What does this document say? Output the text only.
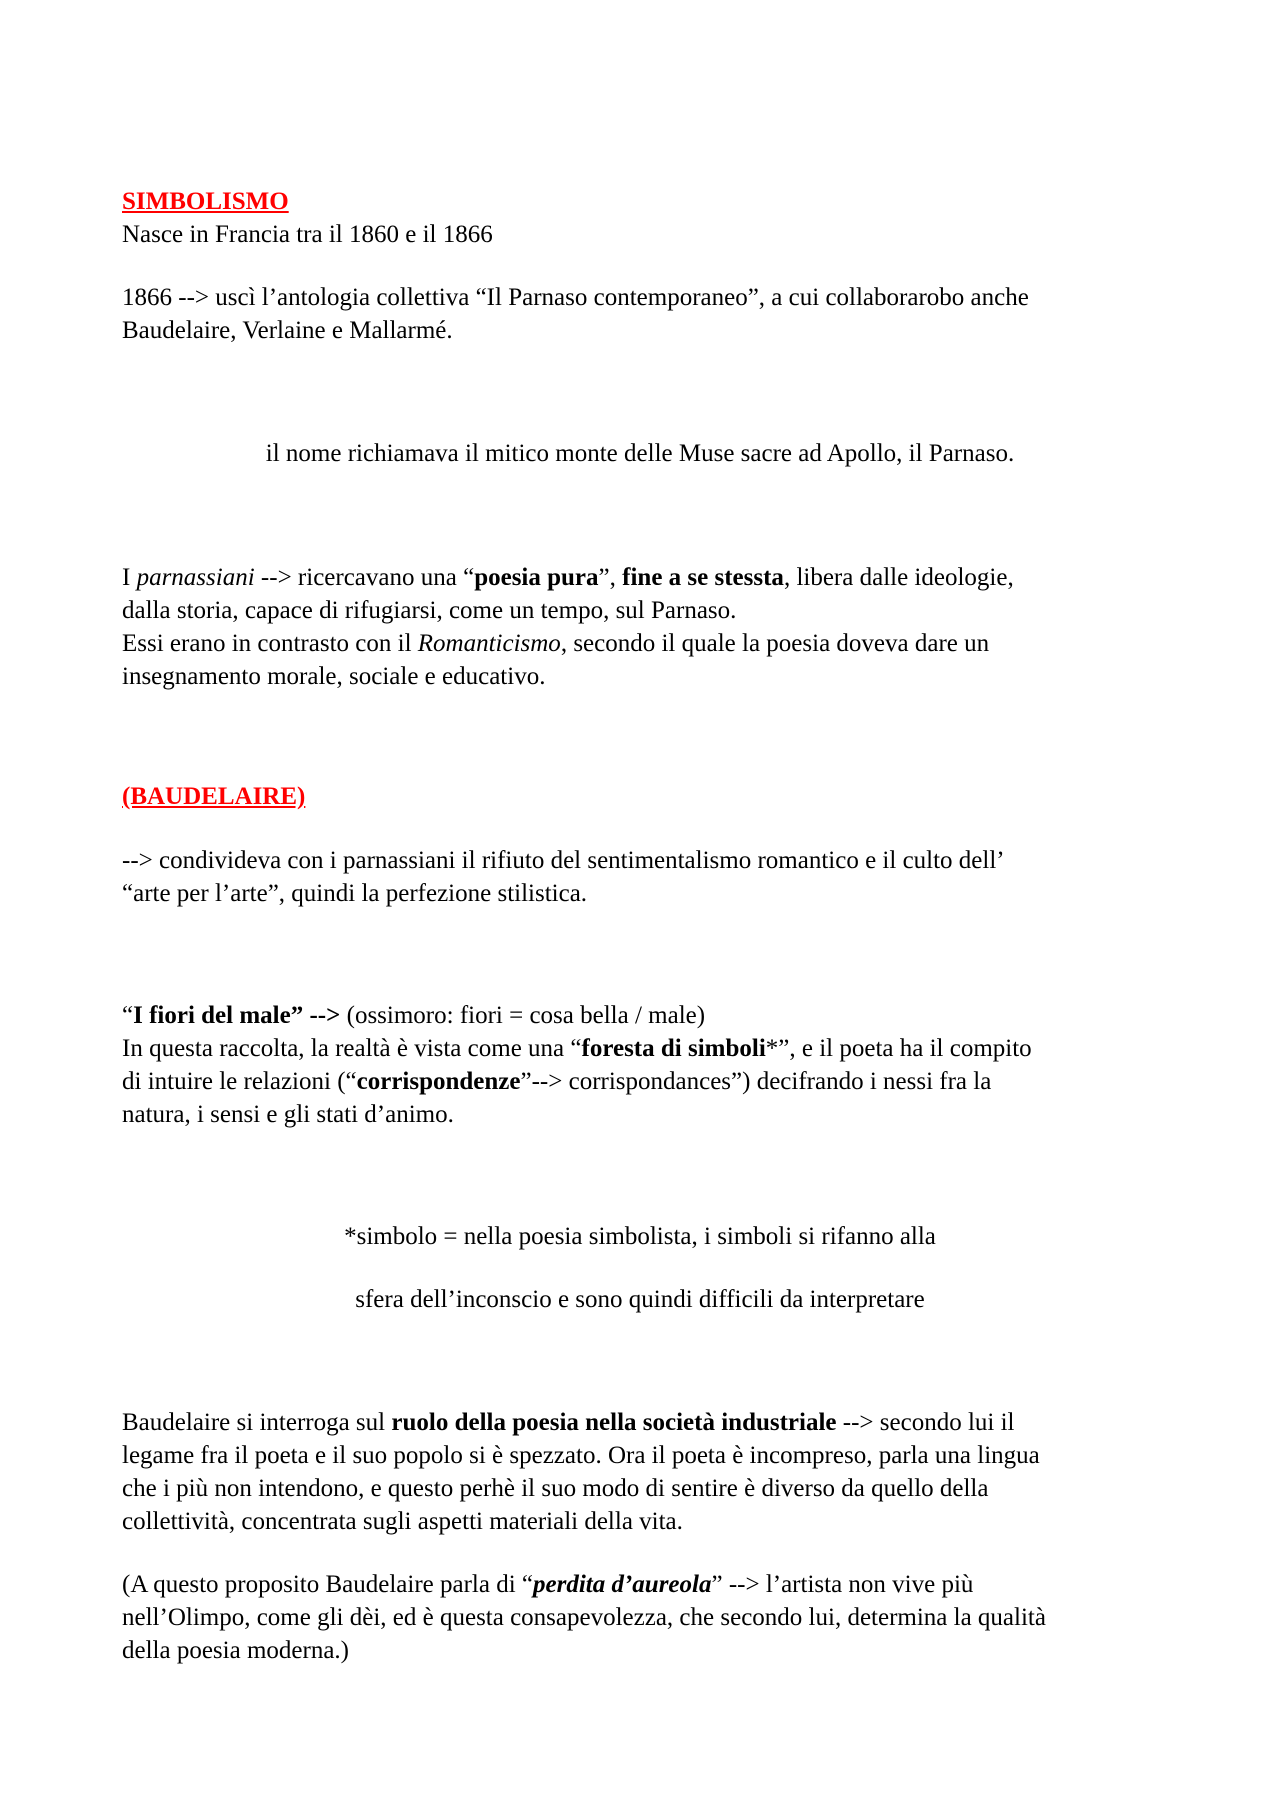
SIMBOLISMO
Nasce in Francia tra il 1860 e il 1866
1866 --> uscì l’antologia collettiva “Il Parnaso contemporaneo”, a cui collaborarobo anche
Baudelaire, Verlaine e Mallarmé.
il nome richiamava il mitico monte delle Muse sacre ad Apollo, il Parnaso.
I parnassiani --> ricercavano una “poesia pura”, fine a se stessta, libera dalle ideologie,
dalla storia, capace di rifugiarsi, come un tempo, sul Parnaso.
Essi erano in contrasto con il Romanticismo, secondo il quale la poesia doveva dare un
insegnamento morale, sociale e educativo.
(BAUDELAIRE)
--> condivideva con i parnassiani il rifiuto del sentimentalismo romantico e il culto dell’
“arte per l’arte”, quindi la perfezione stilistica.
“I fiori del male” --> (ossimoro: fiori = cosa bella / male)
In questa raccolta, la realtà è vista come una “foresta di simboli*”, e il poeta ha il compito
di intuire le relazioni (“corrispondenze”--> corrispondances”) decifrando i nessi fra la
natura, i sensi e gli stati d’animo.
*simbolo = nella poesia simbolista, i simboli si rifanno alla
sfera dell’inconscio e sono quindi difficili da interpretare
Baudelaire si interroga sul ruolo della poesia nella società industriale --> secondo lui il
legame fra il poeta e il suo popolo si è spezzato. Ora il poeta è incompreso, parla una lingua
che i più non intendono, e questo perhè il suo modo di sentire è diverso da quello della
collettività, concentrata sugli aspetti materiali della vita.
(A questo proposito Baudelaire parla di “perdita d’aureola” --> l’artista non vive più
nell’Olimpo, come gli dèi, ed è questa consapevolezza, che secondo lui, determina la qualità
della poesia moderna.)
